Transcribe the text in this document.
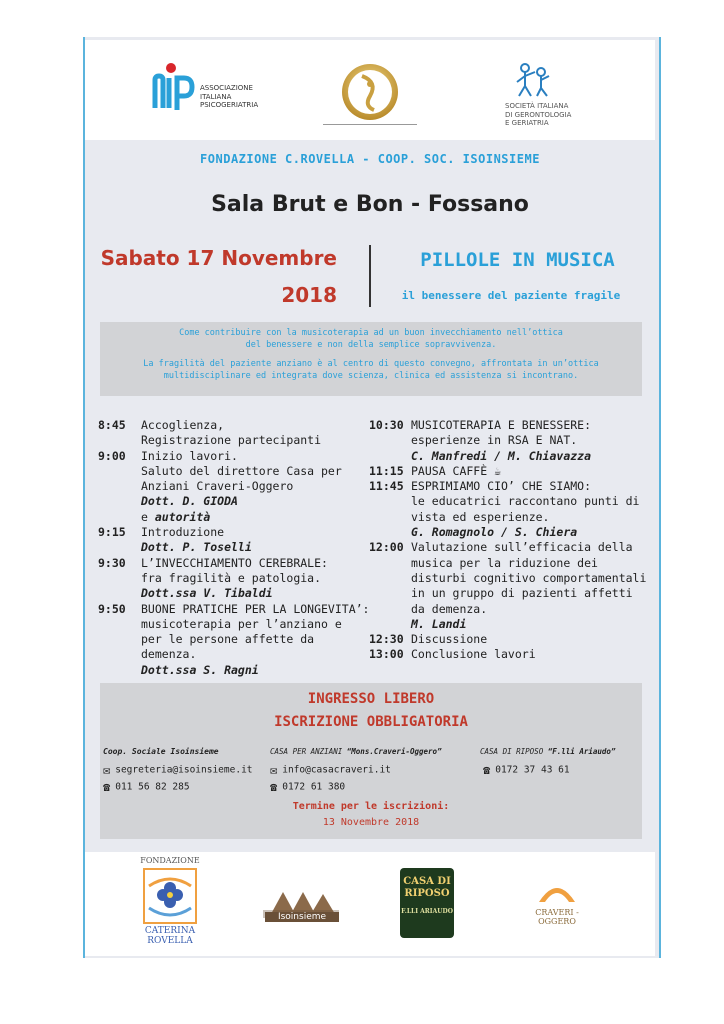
ASSOCIAZIONE
ITALIANA
PSICOGERIATRIA	SOCIETÀ ITALIANA
DI GERONTOLOGIA
E GERIATRIA
FONDAZIONE C.ROVELLA - COOP. SOC. ISOINSIEME
Sala Brut e Bon - Fossano
Sabato 17 Novembre
2018
PILLOLE IN MUSICA
il benessere del paziente fragile

Come contribuire con la musicoterapia ad un buon invecchiamento nell’ottica
del benessere e non della semplice sopravvivenza.

La fragilità del paziente anziano è al centro di questo convegno, affrontata in un’ottica
multidisciplinare ed integrata dove scienza, clinica ed assistenza si incontrano.

8:45	Accoglienza,
Registrazione partecipanti
9:00	Inizio lavori.
Saluto del direttore Casa per
Anziani Craveri-Oggero
Dott. D. GIODA
e autorità
9:15	Introduzione
Dott. P. Toselli
9:30	L’INVECCHIAMENTO CEREBRALE:
fra fragilità e patologia.
Dott.ssa V. Tibaldi
9:50	BUONE PRATICHE PER LA LONGEVITA’:
musicoterapia per l’anziano e
per le persone affette da demenza.
Dott.ssa S. Ragni
10:30 MUSICOTERAPIA E BENESSERE:
esperienze in RSA E NAT.
C. Manfredi / M. Chiavazza
11:15 PAUSA CAFFÈ ☕
11:45 ESPRIMIAMO CIO’ CHE SIAMO:
le educatrici raccontano punti di
vista ed esperienze.
G. Romagnolo / S. Chiera
12:00 Valutazione sull’efficacia della
musica per la riduzione dei
disturbi cognitivo comportamentali
in un gruppo di pazienti affetti
da demenza.
M. Landi
12:30 Discussione
13:00 Conclusione lavori
INGRESSO LIBERO
ISCRIZIONE OBBLIGATORIA
Coop. Sociale Isoinsieme
✉ segreteria@isoinsieme.it
☎ 011 56 82 285
CASA PER ANZIANI “Mons.Craveri-Oggero”
✉ info@casacraveri.it
☎ 0172 61 380
CASA DI RIPOSO “F.lli Ariaudo”
☎ 0172 37 43 61
Termine per le iscrizioni:
13 Novembre 2018
FONDAZIONE
CATERINA
ROVELLA
Isoinsieme
CASA DI
RIPOSO
F.LLI ARIAUDO	CRAVERI - OGGERO
